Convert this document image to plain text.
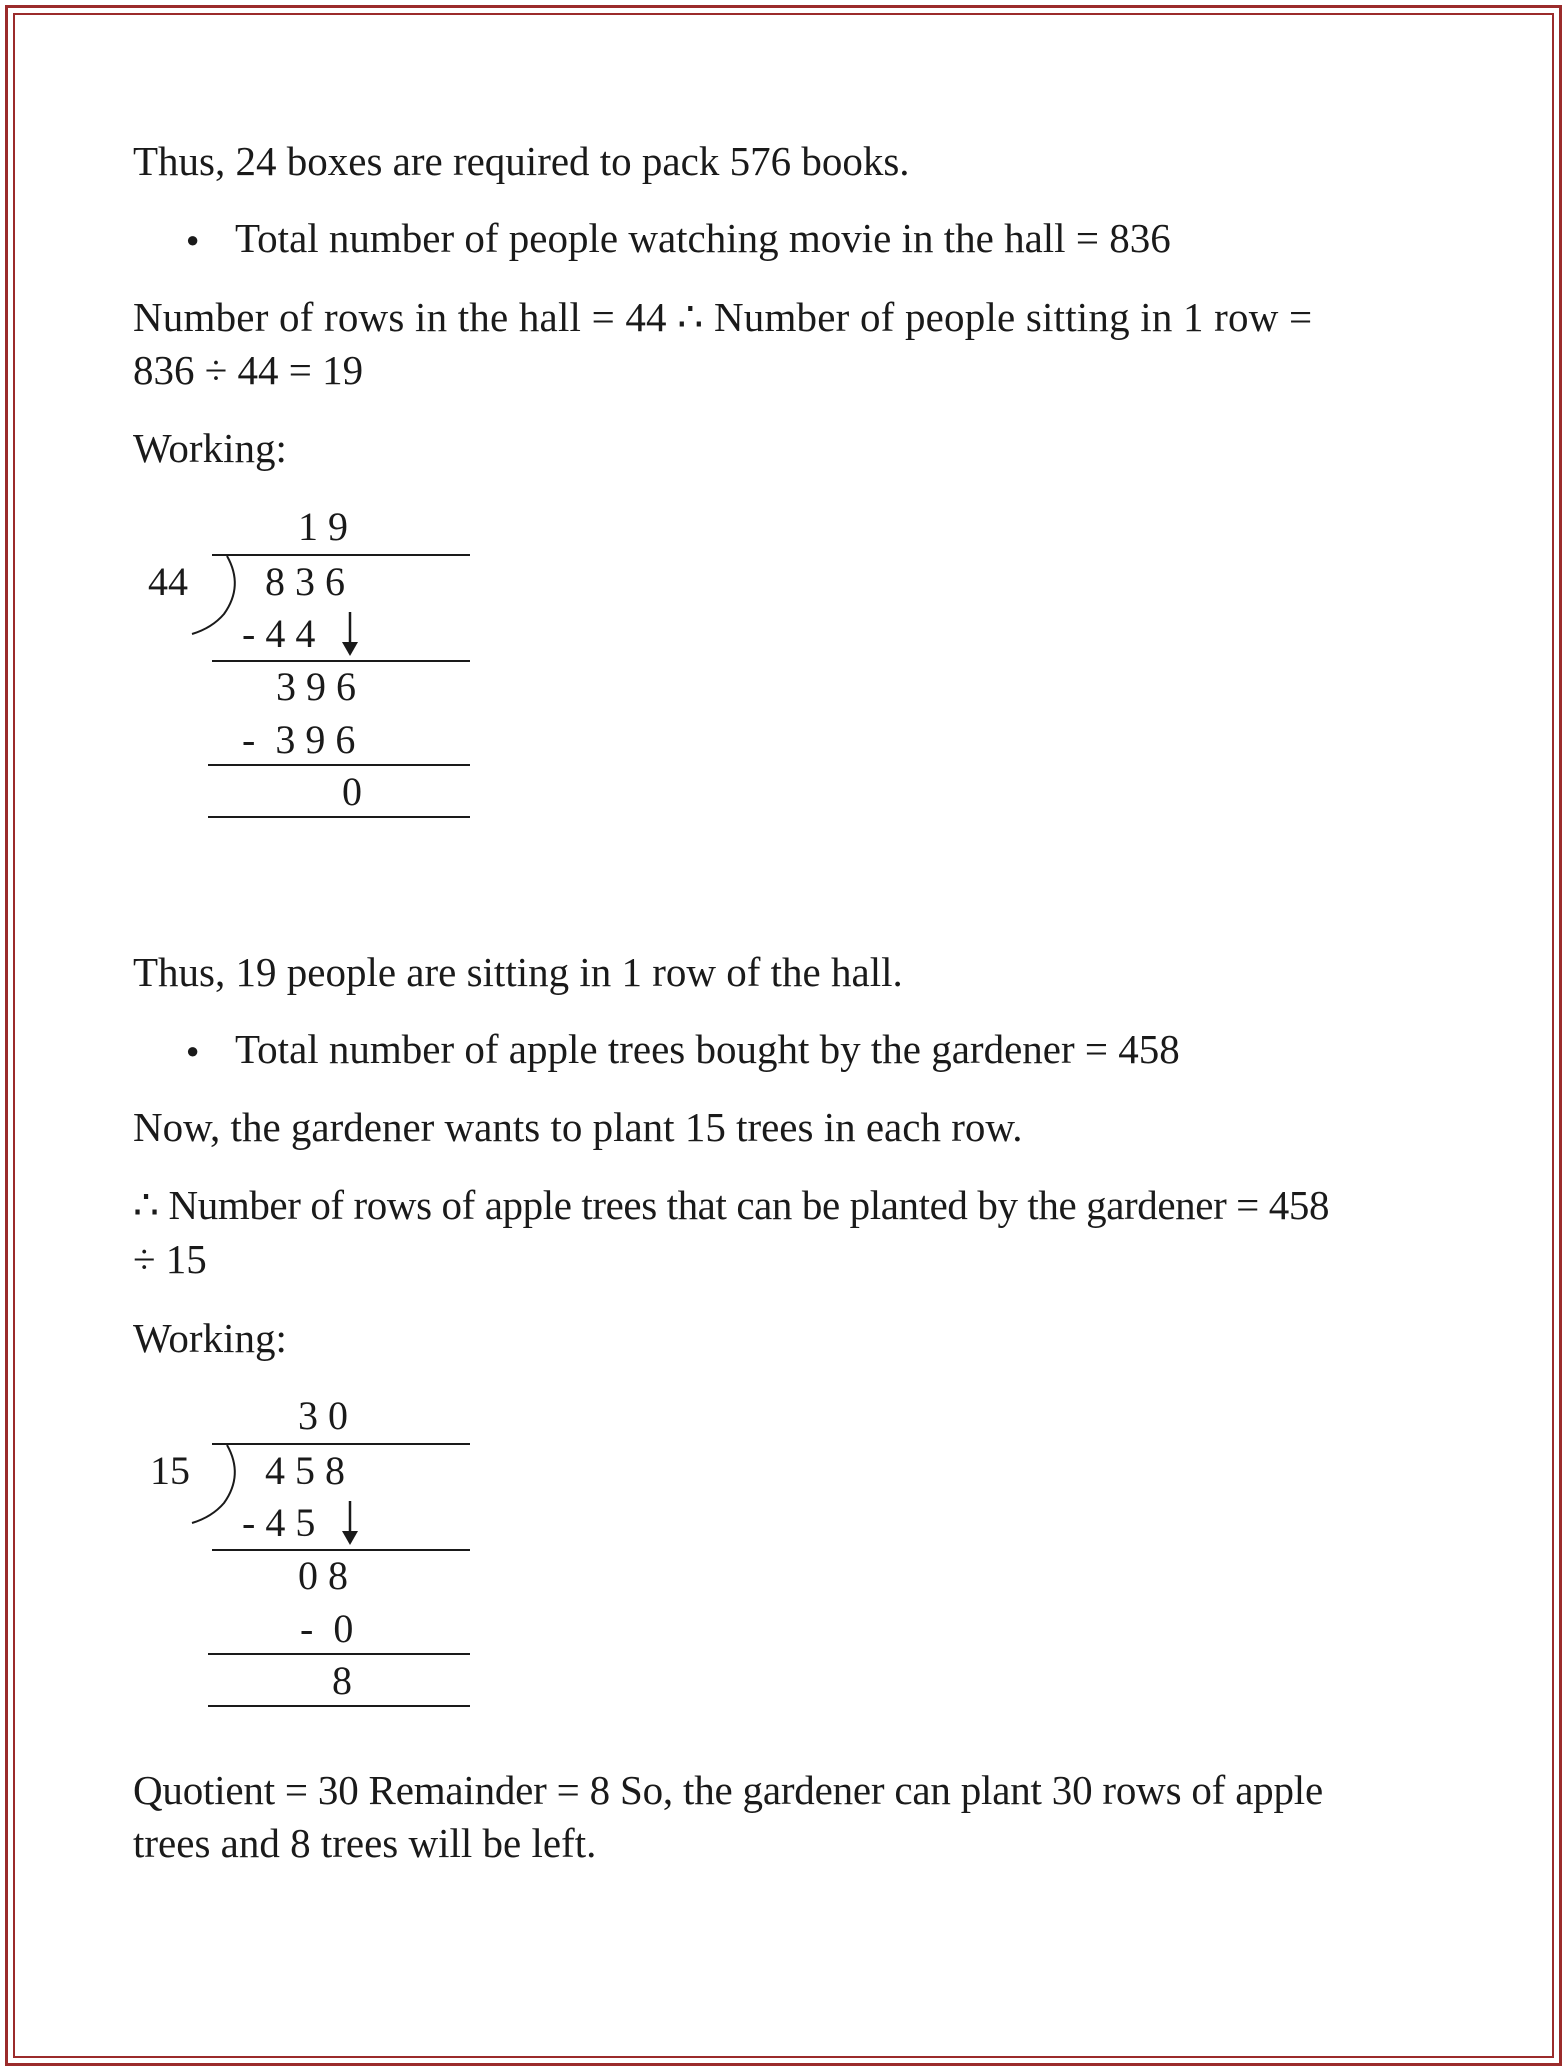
Thus, 24 boxes are required to pack 576 books.
● Total number of people watching movie in the hall = 836
Number of rows in the hall = 44 ∴ Number of people sitting in 1 row =
836 ÷ 44 = 19
Working:
1 9
44 8 3 6
- 4 4
3 9 6
-  3 9 6
0
Thus, 19 people are sitting in 1 row of the hall.
● Total number of apple trees bought by the gardener = 458
Now, the gardener wants to plant 15 trees in each row.
∴ Number of rows of apple trees that can be planted by the gardener = 458
÷ 15
Working:
3 0
15 4 5 8
- 4 5
0 8
-  0
8
Quotient = 30 Remainder = 8 So, the gardener can plant 30 rows of apple
trees and 8 trees will be left.
